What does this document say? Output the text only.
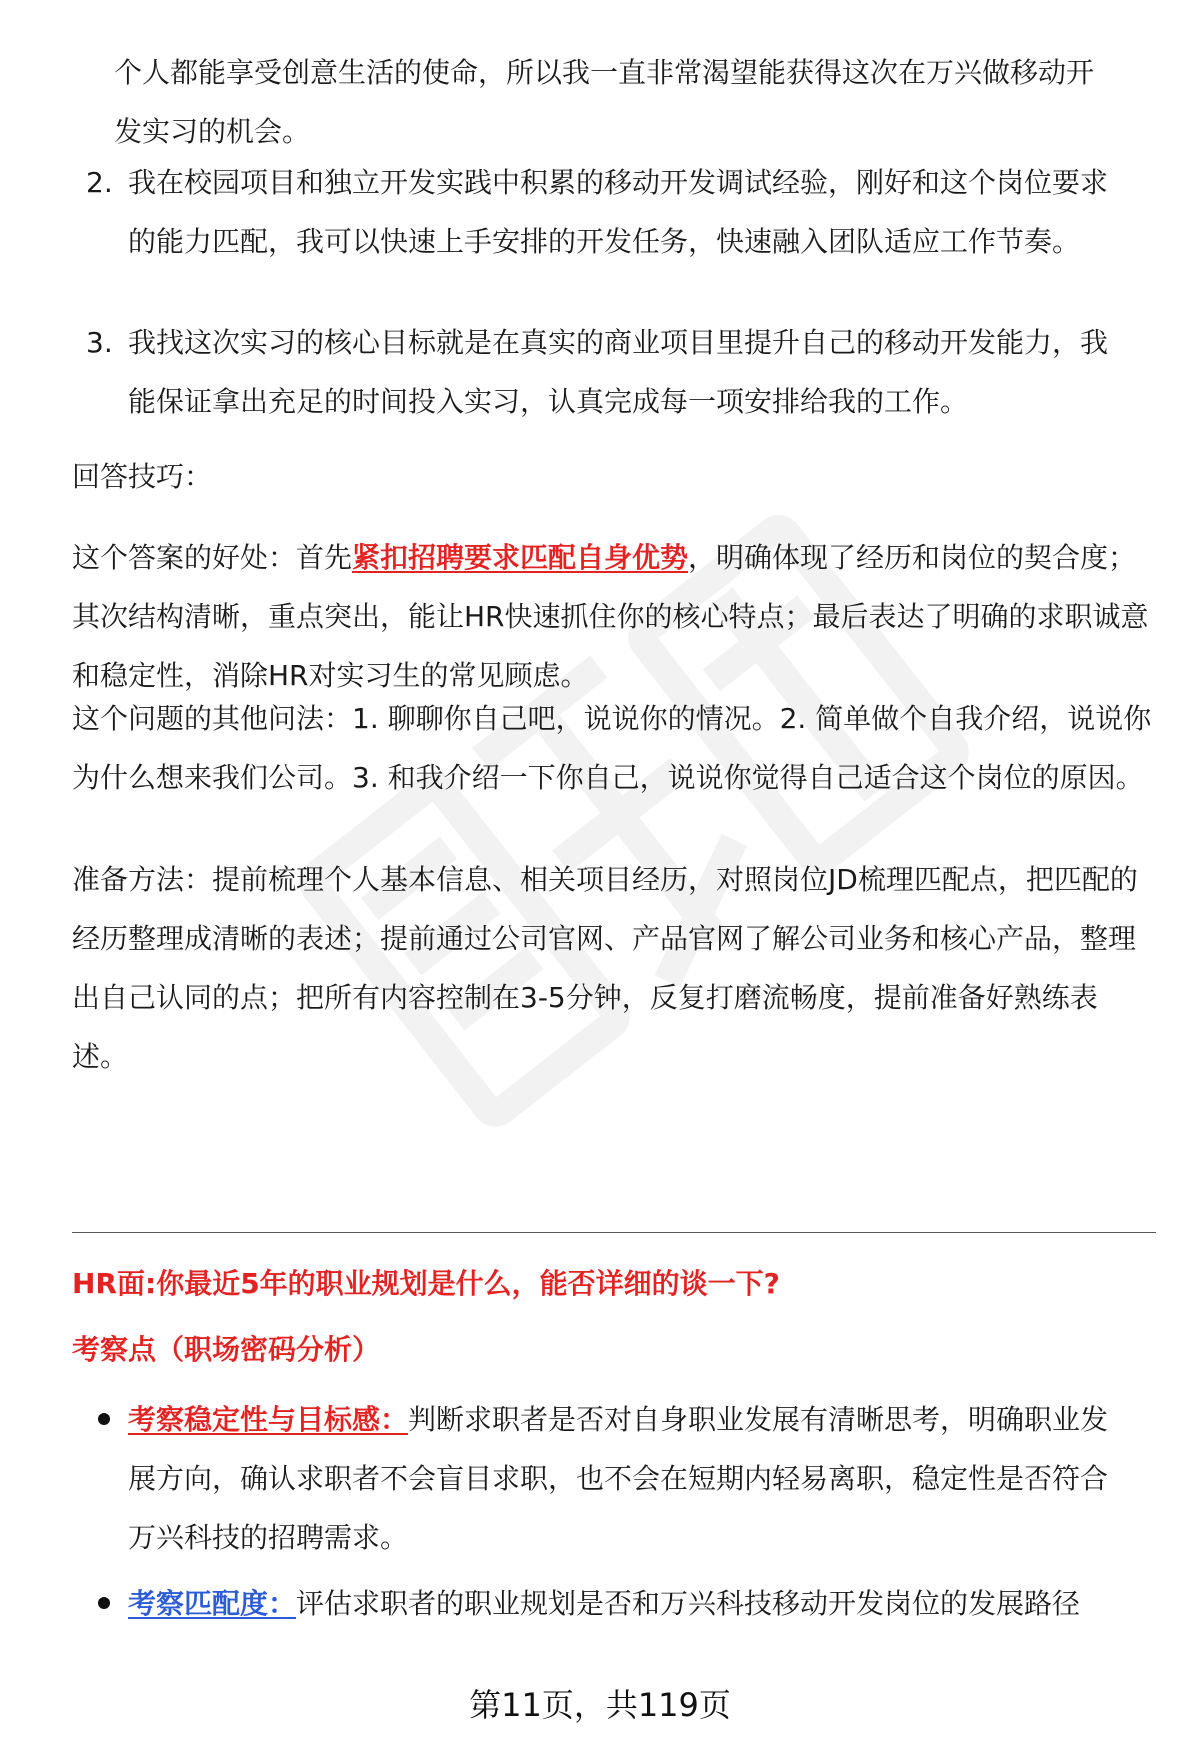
个人都能享受创意生活的使命，所以我一直非常渴望能获得这次在万兴做移动开发实习的机会。

2. 我在校园项目和独立开发实践中积累的移动开发调试经验，刚好和这个岗位要求的能力匹配，我可以快速上手安排的开发任务，快速融入团队适应工作节奏。
3. 我找这次实习的核心目标就是在真实的商业项目里提升自己的移动开发能力，我能保证拿出充足的时间投入实习，认真完成每一项安排给我的工作。

回答技巧：

这个答案的好处：首先紧扣招聘要求匹配自身优势，明确体现了经历和岗位的契合度；其次结构清晰，重点突出，能让HR快速抓住你的核心特点；最后表达了明确的求职诚意和稳定性，消除HR对实习生的常见顾虑。

这个问题的其他问法：1. 聊聊你自己吧，说说你的情况。2. 简单做个自我介绍，说说你为什么想来我们公司。3. 和我介绍一下你自己，说说你觉得自己适合这个岗位的原因。

准备方法：提前梳理个人基本信息、相关项目经历，对照岗位JD梳理匹配点，把匹配的经历整理成清晰的表述；提前通过公司官网、产品官网了解公司业务和核心产品，整理出自己认同的点；把所有内容控制在3-5分钟，反复打磨流畅度，提前准备好熟练表述。

HR面:你最近5年的职业规划是什么，能否详细的谈一下?
考察点（职场密码分析）
考察稳定性与目标感：判断求职者是否对自身职业发展有清晰思考，明确职业发展方向，确认求职者不会盲目求职，也不会在短期内轻易离职，稳定性是否符合万兴科技的招聘需求。
考察匹配度：评估求职者的职业规划是否和万兴科技移动开发岗位的发展路径
第11页，共119页
